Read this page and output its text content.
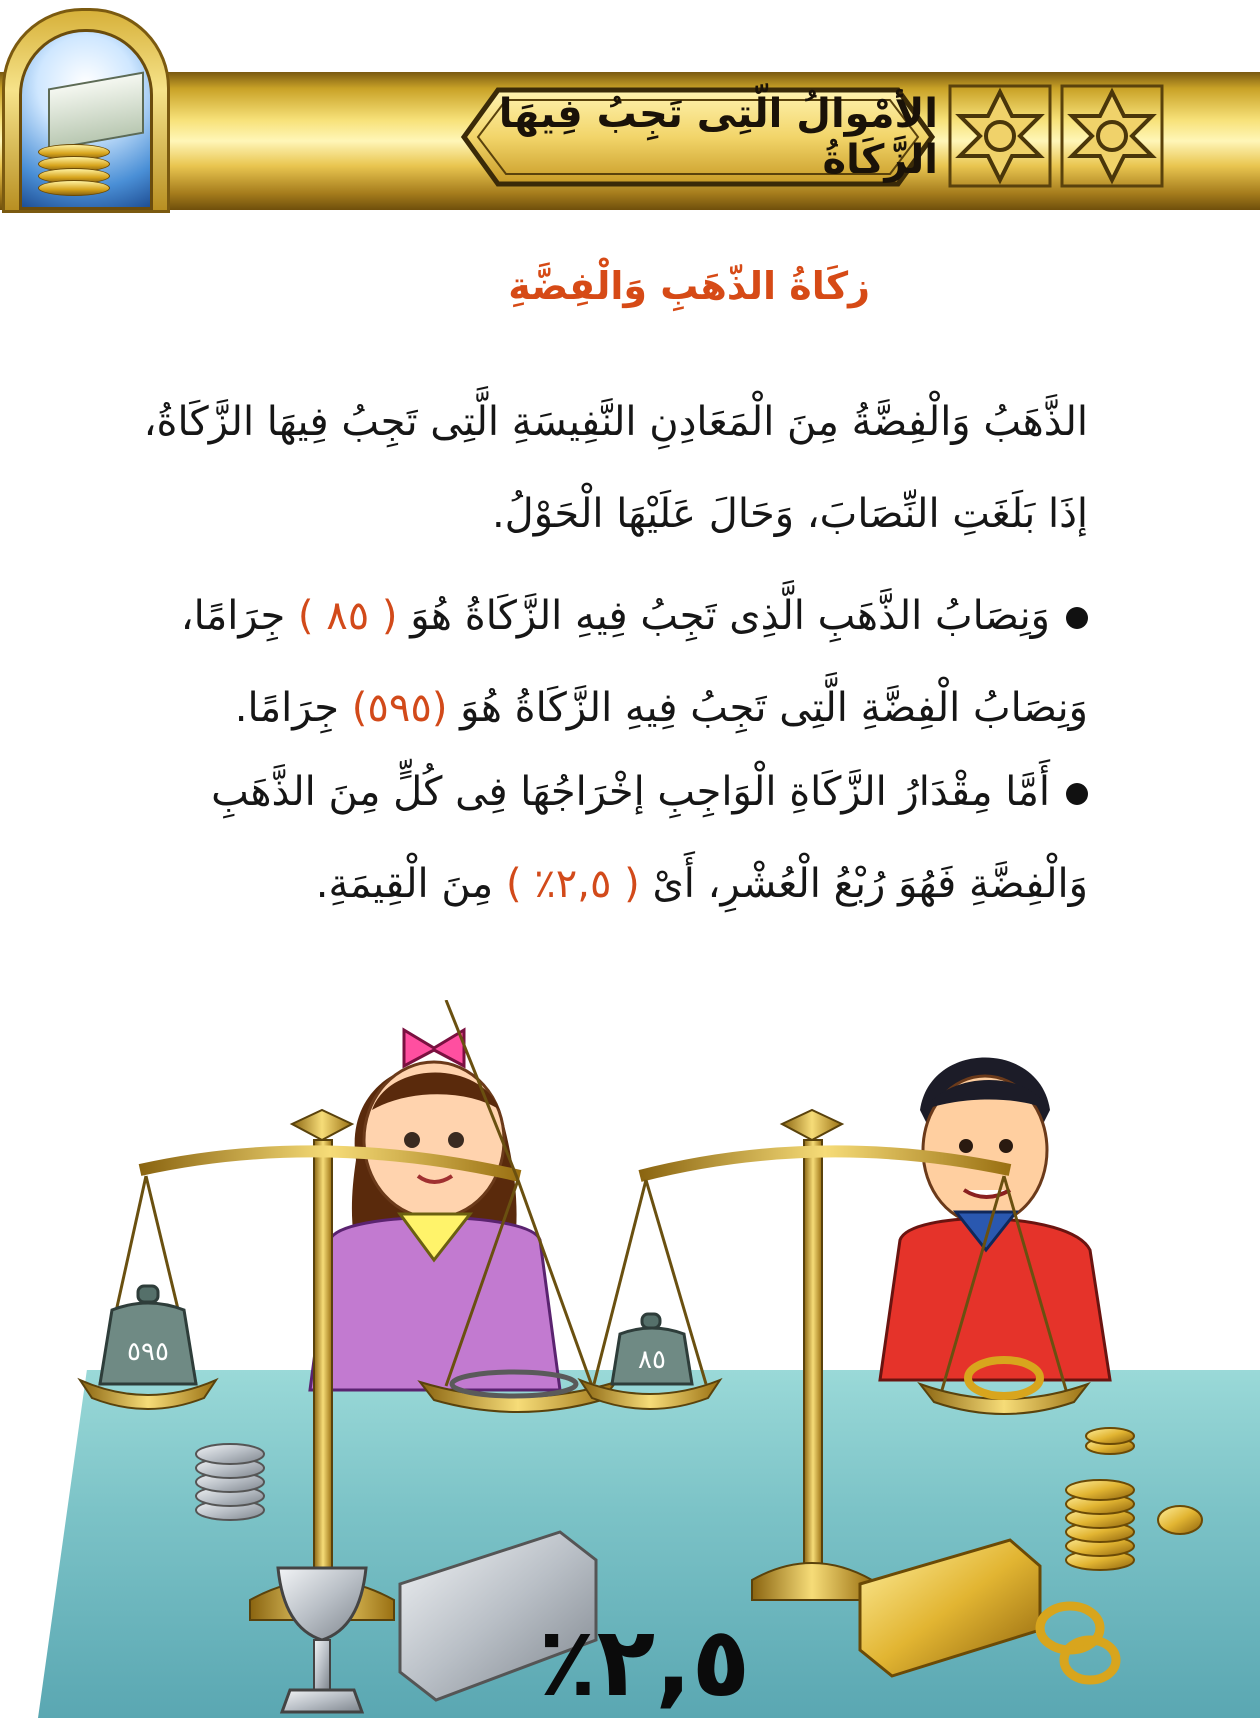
الأمْوالُ الّتِى تَجِبُ فِيهَا الزَّكَاةُ
زكَاةُ الذّهَبِ وَالْفِضَّةِ
الذَّهَبُ وَالْفِضَّةُ مِنَ الْمَعَادِنِ النَّفِيسَةِ الَّتِى تَجِبُ فِيهَا الزَّكَاةُ،
إذَا بَلَغَتِ النِّصَابَ، وَحَالَ عَلَيْهَا الْحَوْلُ.
وَنِصَابُ الذَّهَبِ الَّذِى تَجِبُ فِيهِ الزَّكَاةُ هُوَ ( ٨٥ ) جِرَامًا،
وَنِصَابُ الْفِضَّةِ الَّتِى تَجِبُ فِيهِ الزَّكَاةُ هُوَ (٥٩٥) جِرَامًا.
أَمَّا مِقْدَارُ الزَّكَاةِ الْوَاجِبِ إخْرَاجُهَا فِى كُلٍّ مِنَ الذَّهَبِ
وَالْفِضَّةِ فَهُوَ رُبْعُ الْعُشْرِ، أَىْ ( ٢,٥٪ ) مِنَ الْقِيمَةِ.
٥٩٥	٨٥
٢,٥٪
